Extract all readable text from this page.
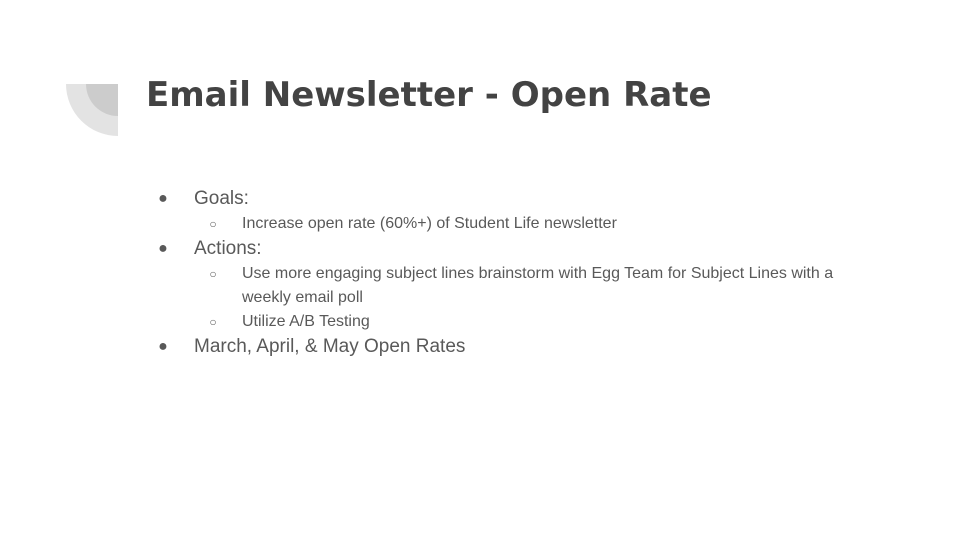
Email Newsletter - Open Rate
● Goals:
○ Increase open rate (60%+) of Student Life newsletter
● Actions:
○ Use more engaging subject lines brainstorm with Egg Team for Subject Lines with a weekly email poll
○ Utilize A/B Testing
● March, April, & May Open Rates
